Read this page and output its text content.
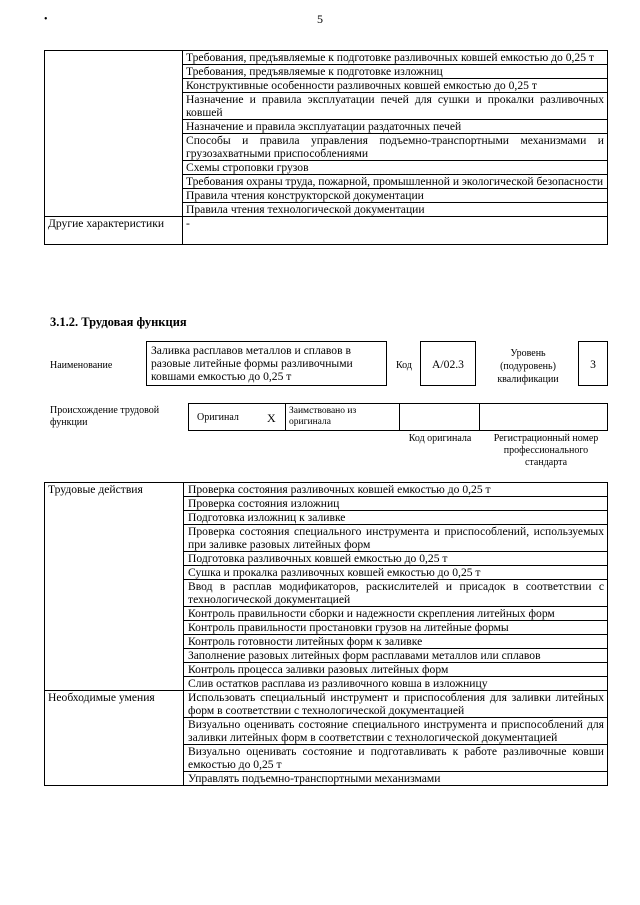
•	5
	Требования, предъявляемые к подготовке разливочных ковшей емкостью до 0,25 т
	Требования, предъявляемые к подготовке изложниц
	Конструктивные особенности разливочных ковшей емкостью до 0,25 т
	Назначение и правила эксплуатации печей для сушки и прокалки разливочных ковшей
	Назначение и правила эксплуатации раздаточных печей
	Способы и правила управления подъемно-транспортными механизмами и грузозахватными приспособлениями
	Схемы строповки грузов
	Требования охраны труда, пожарной, промышленной и экологической безопасности
	Правила чтения конструкторской документации
	Правила чтения технологической документации
Другие характеристики	-
3.1.2. Трудовая функция
Наименование
Заливка расплавов металлов и сплавов в разовые литейные формы разливочными ковшами емкостью до 0,25 т
Код	A/02.3
Уровень (подуровень) квалификации
3
Происхождение трудовой функции	Оригинал X Заимствовано из оригинала
Код оригинала	Регистрационный номер профессионального стандарта
Трудовые действия	Проверка состояния разливочных ковшей емкостью до 0,25 т
	Проверка состояния изложниц
	Подготовка изложниц к заливке
	Проверка состояния специального инструмента и приспособлений, используемых при заливке разовых литейных форм
	Подготовка разливочных ковшей емкостью до 0,25 т
	Сушка и прокалка разливочных ковшей емкостью до 0,25 т
	Ввод в расплав модификаторов, раскислителей и присадок в соответствии с технологической документацией
	Контроль правильности сборки и надежности скрепления литейных форм
	Контроль правильности простановки грузов на литейные формы
	Контроль готовности литейных форм к заливке
	Заполнение разовых литейных форм расплавами металлов или сплавов
	Контроль процесса заливки разовых литейных форм
	Слив остатков расплава из разливочного ковша в изложницу
Необходимые умения	Использовать специальный инструмент и приспособления для заливки литейных форм в соответствии с технологической документацией
	Визуально оценивать состояние специального инструмента и приспособлений для заливки литейных форм в соответствии с технологической документацией
	Визуально оценивать состояние и подготавливать к работе разливочные ковши емкостью до 0,25 т
	Управлять подъемно-транспортными механизмами
